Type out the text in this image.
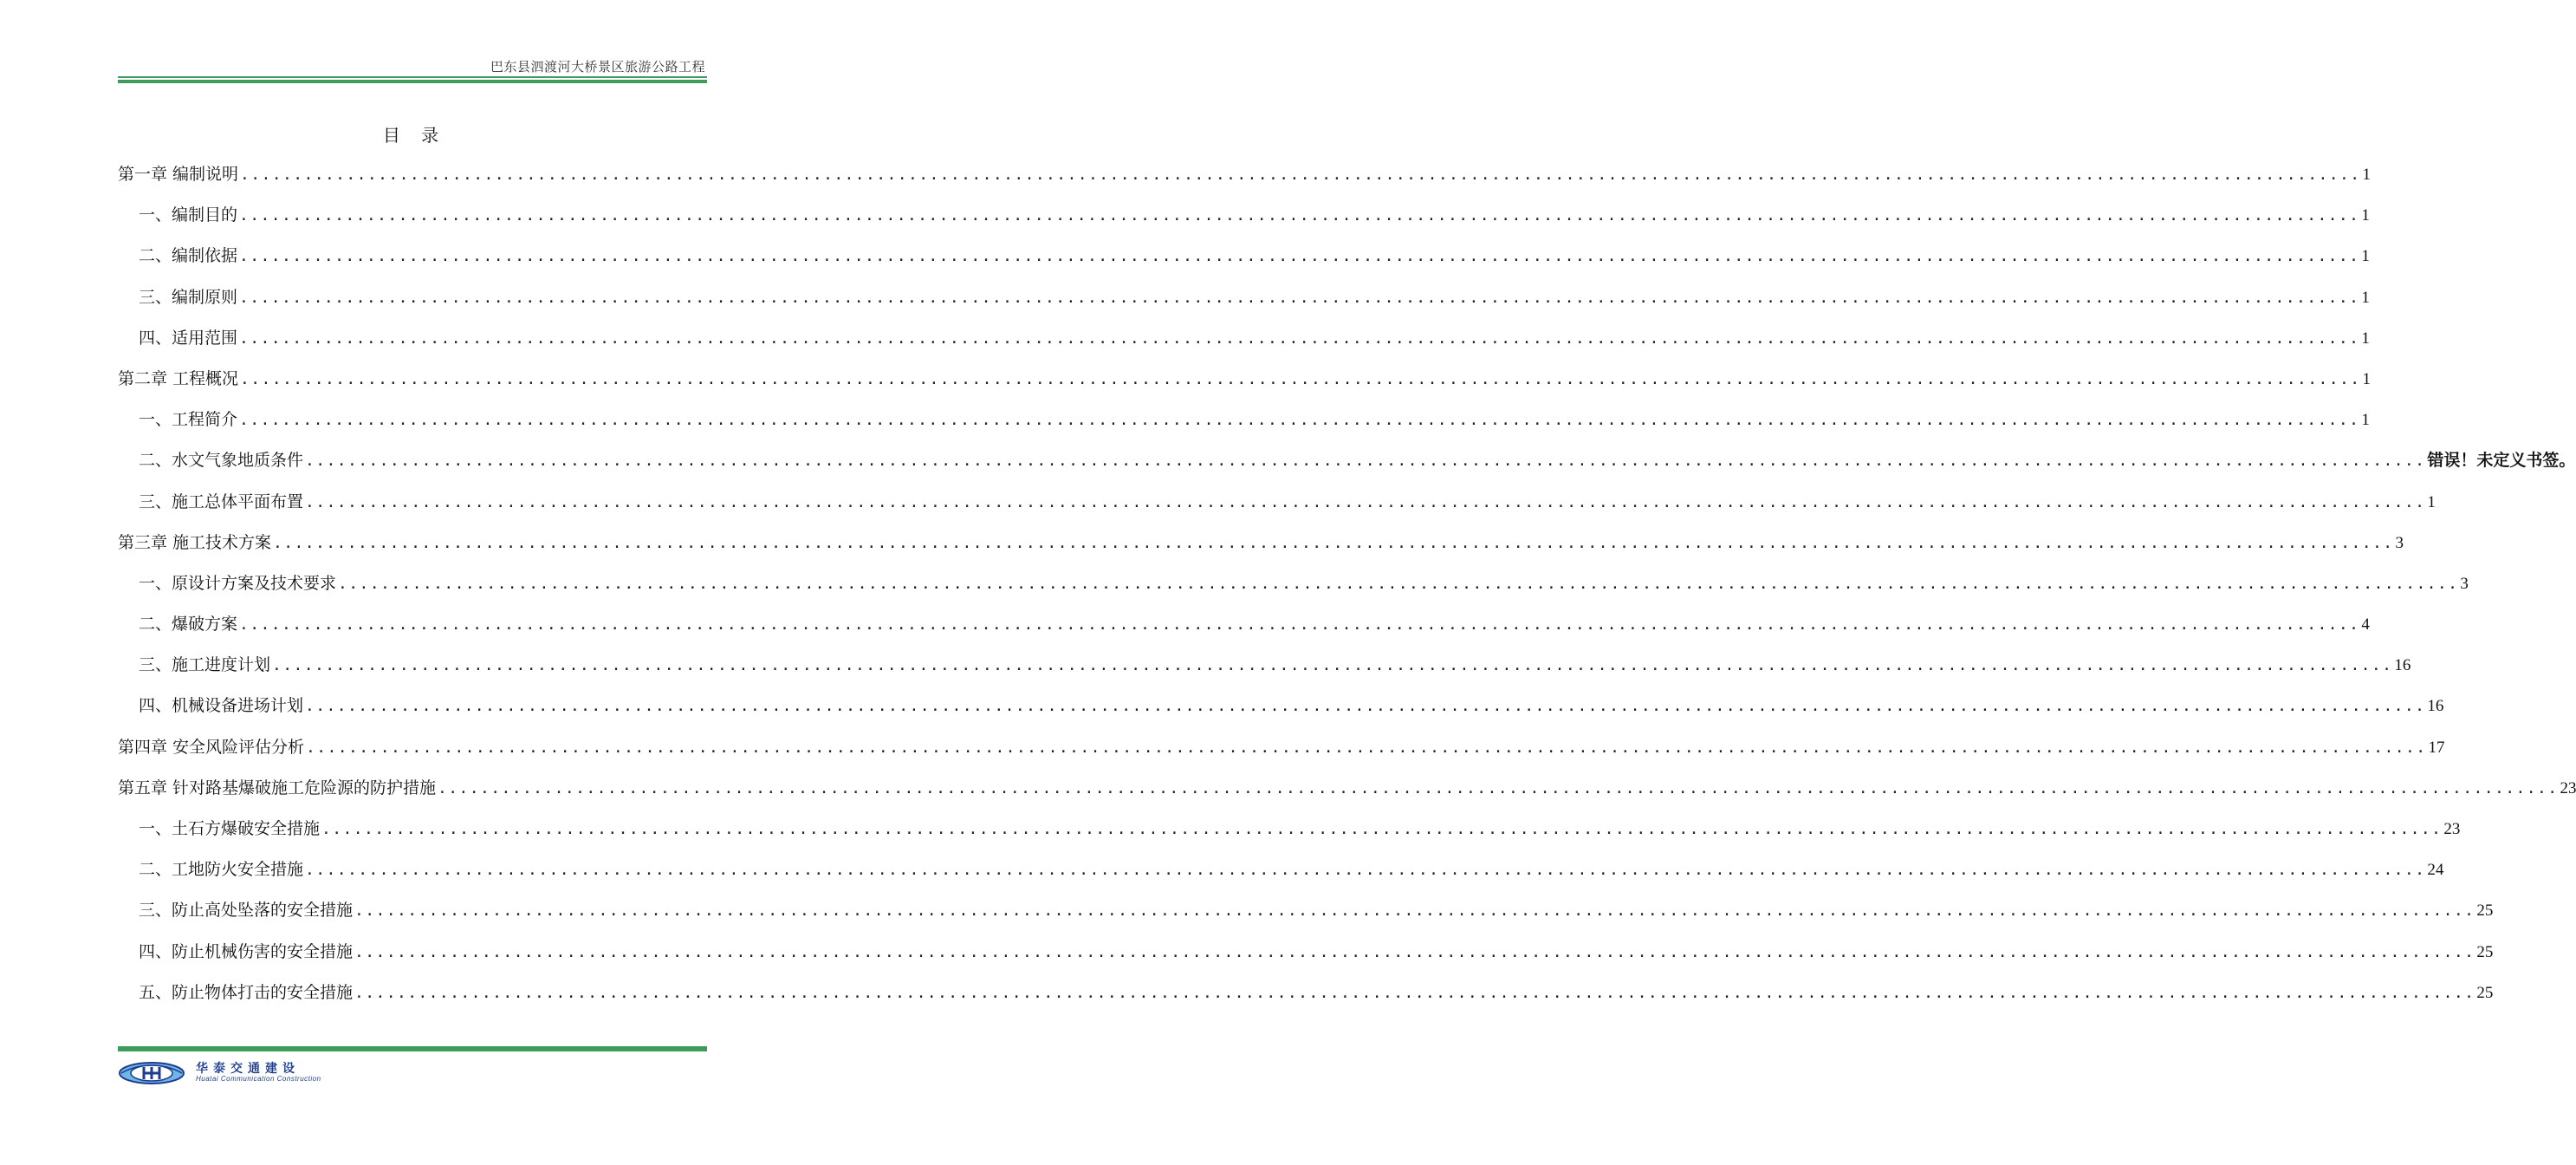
巴东县泗渡河大桥景区旅游公路工程
目 录
第一章 编制说明 ........................................................................................................................................................................................................ 1
一、编制目的 ........................................................................................................................................................................................................ 1
二、编制依据 ........................................................................................................................................................................................................ 1
三、编制原则 ........................................................................................................................................................................................................ 1
四、适用范围 ........................................................................................................................................................................................................ 1
第二章 工程概况 ........................................................................................................................................................................................................ 1
一、工程简介 ........................................................................................................................................................................................................ 1
二、水文气象地质条件 ........................................................................................................................................................................................................ 错误！未定义书签。
三、施工总体平面布置 ........................................................................................................................................................................................................ 1
第三章 施工技术方案 ........................................................................................................................................................................................................ 3
一、原设计方案及技术要求 ........................................................................................................................................................................................................ 3
二、爆破方案 ........................................................................................................................................................................................................ 4
三、施工进度计划 ........................................................................................................................................................................................................ 16
四、机械设备进场计划 ........................................................................................................................................................................................................ 16
第四章 安全风险评估分析 ........................................................................................................................................................................................................ 17
第五章 针对路基爆破施工危险源的防护措施 ........................................................................................................................................................................................................ 23
一、土石方爆破安全措施 ........................................................................................................................................................................................................ 23
二、工地防火安全措施 ........................................................................................................................................................................................................ 24
三、防止高处坠落的安全措施 ........................................................................................................................................................................................................ 25
四、防止机械伤害的安全措施 ........................................................................................................................................................................................................ 25
五、防止物体打击的安全措施 ........................................................................................................................................................................................................ 25
华泰交通建设
Huatai Communication Construction
